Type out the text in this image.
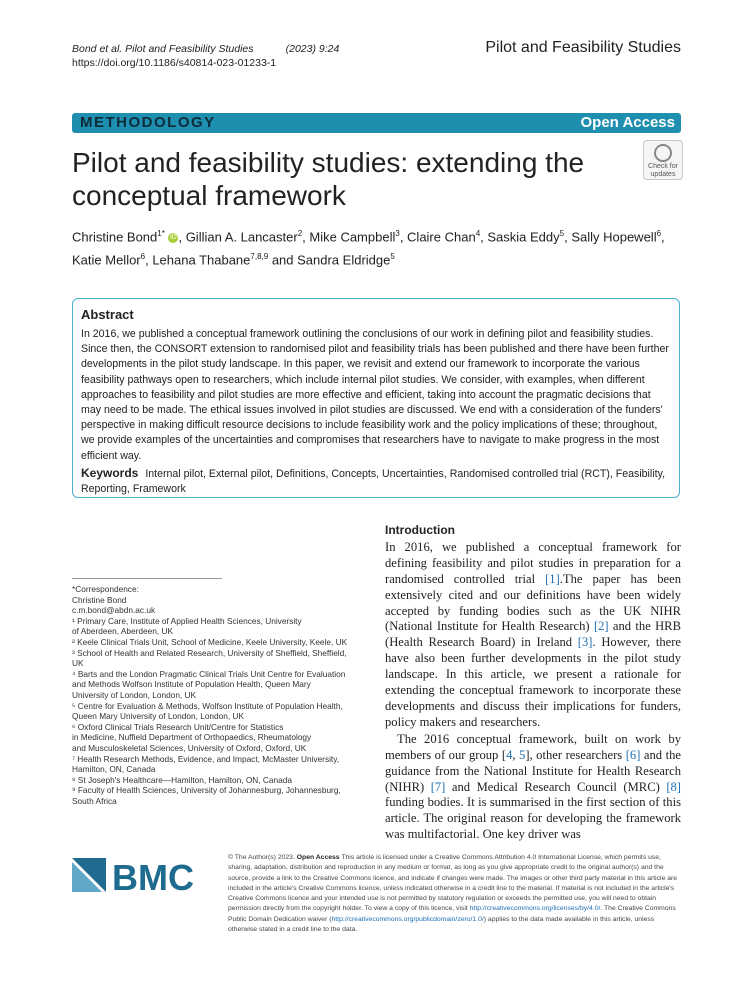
Bond et al. Pilot and Feasibility Studies	(2023) 9:24
https://doi.org/10.1186/s40814-023-01233-1
Pilot and Feasibility Studies
METHODOLOGY	Open Access
Pilot and feasibility studies: extending the conceptual framework
Check for
updates
Christine Bond$^{1*}$ iD , Gillian A. Lancaster$^2$, Mike Campbell$^3$, Claire Chan$^4$, Saskia Eddy$^5$, Sally Hopewell$^6$, Katie Mellor$^6$, Lehana Thabane$^{7,8,9}$ and Sandra Eldridge$^5$
Abstract

In 2016, we published a conceptual framework outlining the conclusions of our work in defining pilot and feasibility studies. Since then, the CONSORT extension to randomised pilot and feasibility trials has been published and there have been further developments in the pilot study landscape. In this paper, we revisit and extend our framework to incorporate the various feasibility pathways open to researchers, which include internal pilot studies. We consider, with examples, when different approaches to feasibility and pilot studies are more effective and efficient, taking into account the pragmatic decisions that may need to be made. The ethical issues involved in pilot studies are discussed. We end with a consideration of the funders' perspective in making difficult resource decisions to include feasibility work and the policy implications of these; throughout, we provide examples of the uncertainties and compromises that researchers have to navigate to make progress in the most efficient way.

Keywords Internal pilot, External pilot, Definitions, Concepts, Uncertainties, Randomised controlled trial (RCT), Feasibility, Reporting, Framework

*Correspondence:
Christine Bond
c.m.bond@abdn.ac.uk
¹ Primary Care, Institute of Applied Health Sciences, University
of Aberdeen, Aberdeen, UK
² Keele Clinical Trials Unit, School of Medicine, Keele University, Keele, UK
³ School of Health and Related Research, University of Sheffield, Sheffield,
UK
⁴ Barts and the London Pragmatic Clinical Trials Unit Centre for Evaluation
and Methods Wolfson Institute of Population Health, Queen Mary
University of London, London, UK
⁵ Centre for Evaluation & Methods, Wolfson Institute of Population Health,
Queen Mary University of London, London, UK
⁶ Oxford Clinical Trials Research Unit/Centre for Statistics
in Medicine, Nuffield Department of Orthopaedics, Rheumatology
and Musculoskeletal Sciences, University of Oxford, Oxford, UK
⁷ Health Research Methods, Evidence, and Impact, McMaster University,
Hamilton, ON, Canada
⁸ St Joseph's Healthcare—Hamilton, Hamilton, ON, Canada
⁹ Faculty of Health Sciences, University of Johannesburg, Johannesburg,
South Africa
Introduction

In 2016, we published a conceptual framework for defining feasibility and pilot studies in preparation for a randomised controlled trial [1].The paper has been extensively cited and our definitions have been widely accepted by funding bodies such as the UK NIHR (National Institute for Health Research) [2] and the HRB (Health Research Board) in Ireland [3]. However, there have also been further developments in the pilot study landscape. In this article, we present a rationale for extending the conceptual framework to incorporate these developments and discuss their implications for funders, policy makers and researchers.

The 2016 conceptual framework, built on work by members of our group [4, 5], other researchers [6] and the guidance from the National Institute for Health Research (NIHR) [7] and Medical Research Council (MRC) [8] funding bodies. It is summarised in the first section of this article. The original reason for developing the framework was multifactorial. One key driver was

BMC	© The Author(s) 2023. Open Access This article is licensed under a Creative Commons Attribution 4.0 International License, which permits use, sharing, adaptation, distribution and reproduction in any medium or format, as long as you give appropriate credit to the original author(s) and the source, provide a link to the Creative Commons licence, and indicate if changes were made. The images or other third party material in this article are included in the article's Creative Commons licence, unless indicated otherwise in a credit line to the material. If material is not included in the article's Creative Commons licence and your intended use is not permitted by statutory regulation or exceeds the permitted use, you will need to obtain permission directly from the copyright holder. To view a copy of this licence, visit http://creativecommons.org/licenses/by/4.0/. The Creative Commons Public Domain Dedication waiver (http://creativecommons.org/publicdomain/zero/1.0/) applies to the data made available in this article, unless otherwise stated in a credit line to the data.
